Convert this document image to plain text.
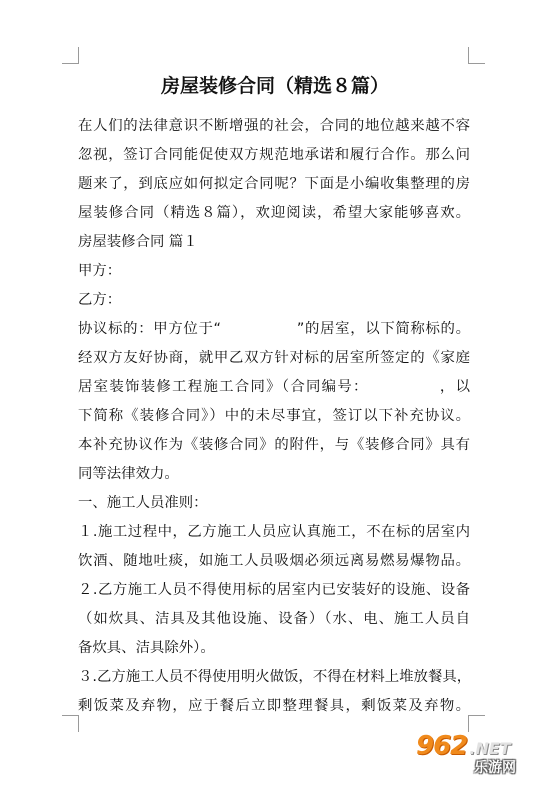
房屋装修合同（精选８篇）

在人们的法律意识不断增强的社会，合同的地位越来越不容

忽视，签订合同能促使双方规范地承诺和履行合作。那么问

题来了，到底应如何拟定合同呢？下面是小编收集整理的房

屋装修合同（精选８篇），欢迎阅读，希望大家能够喜欢。

房屋装修合同 篇１

甲方：

乙方：

协议标的：甲方位于“　　　　　”的居室，以下简称标的。

经双方友好协商，就甲乙双方针对标的居室所签定的《家庭

居室装饰装修工程施工合同》（合同编号：　　　　　，以

下简称《装修合同》）中的未尽事宜，签订以下补充协议。

本补充协议作为《装修合同》的附件，与《装修合同》具有

同等法律效力。

一、施工人员准则：

１.施工过程中，乙方施工人员应认真施工，不在标的居室内

饮酒、随地吐痰，如施工人员吸烟必须远离易燃易爆物品。

２.乙方施工人员不得使用标的居室内已安装好的设施、设备

（如炊具、洁具及其他设施、设备）（水、电、施工人员自

备炊具、洁具除外）。

３.乙方施工人员不得使用明火做饭，不得在材料上堆放餐具，

剩饭菜及弃物，应于餐后立即整理餐具，剩饭菜及弃物。

962 .NET
乐游网
